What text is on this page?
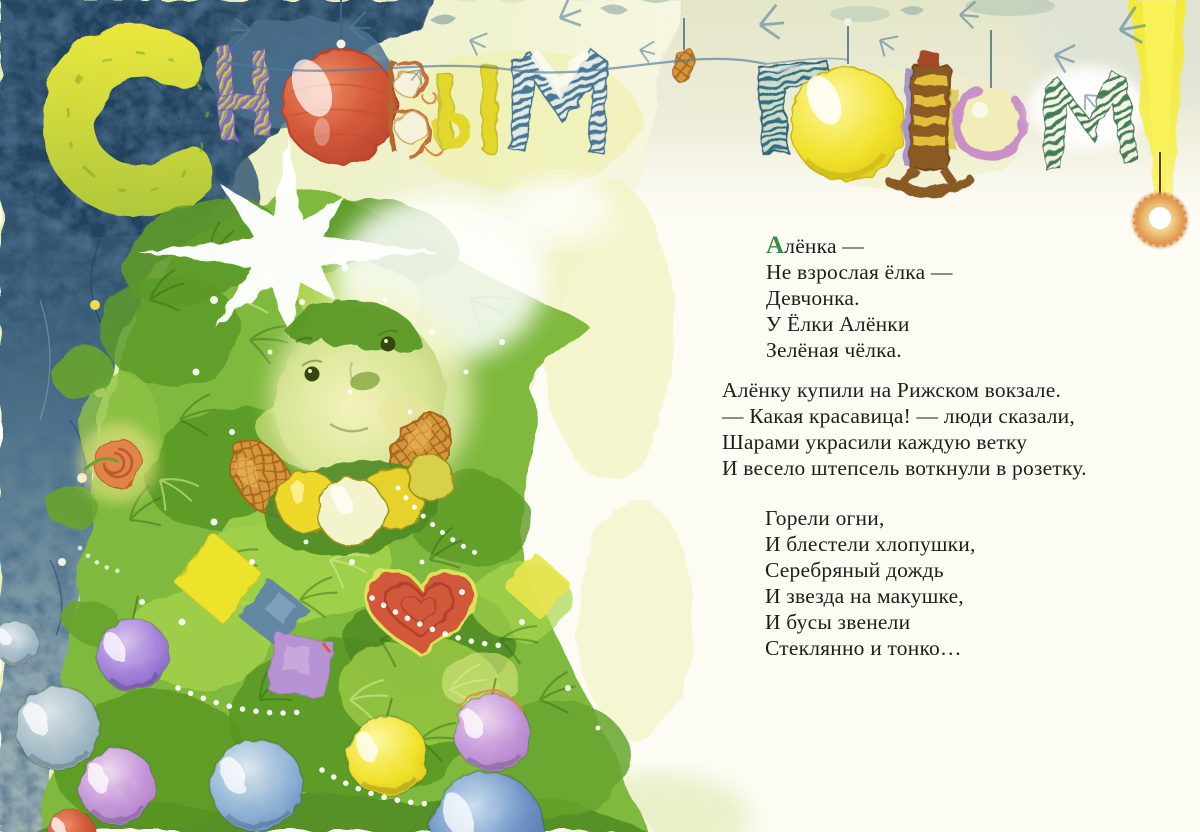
Алёнка —
Не взрослая ёлка —
Девчонка.
У Ёлки Алёнки
Зелёная чёлка.
Алёнку купили на Рижском вокзале.
— Какая красавица! — люди сказали,
Шарами украсили каждую ветку
И весело штепсель воткнули в розетку.
Горели огни,
И блестели хлопушки,
Серебряный дождь
И звезда на макушке,
И бусы звенели
Стеклянно и тонко…
